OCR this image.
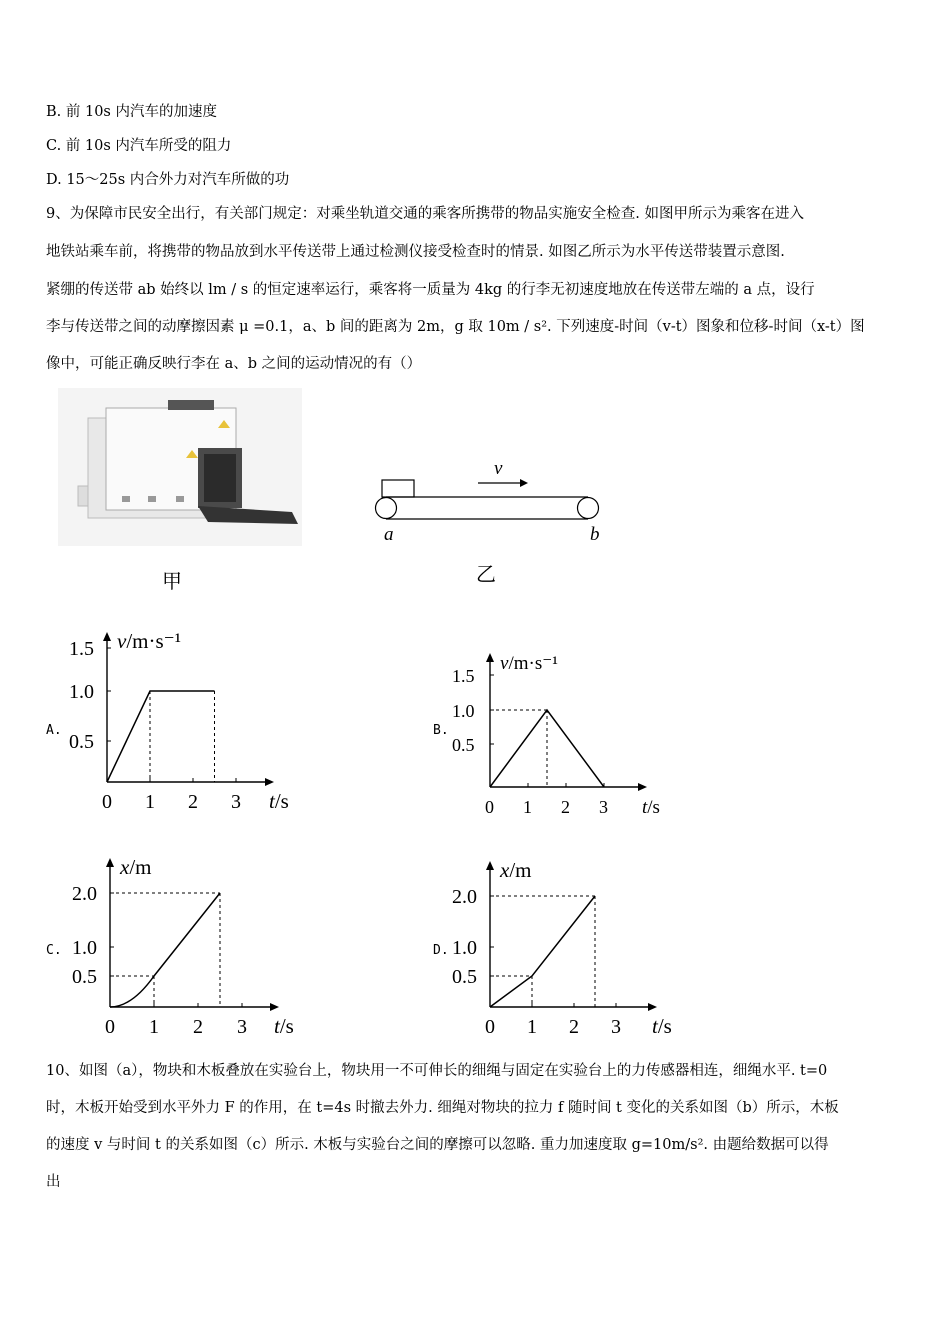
B. 前 10s 内汽车的加速度
C. 前 10s 内汽车所受的阻力
D. 15～25s 内合外力对汽车所做的功
9、为保障市民安全出行，有关部门规定：对乘坐轨道交通的乘客所携带的物品实施安全检查. 如图甲所示为乘客在进入
地铁站乘车前，将携带的物品放到水平传送带上通过检测仪接受检查时的情景. 如图乙所示为水平传送带装置示意图.
紧绷的传送带 ab 始终以 lm / s 的恒定速率运行，乘客将一质量为 4kg 的行李无初速度地放在传送带左端的 a 点，设行
李与传送带之间的动摩擦因素 μ =0.1，a、b 间的距离为 2m，g 取 10m / s². 下列速度-时间（v-t）图象和位移-时间（x-t）图
像中，可能正确反映行李在 a、b 之间的运动情况的有（）
甲
v
a	b
乙
A.	B.
C.	D.
v/m·s⁻¹
t/s
0 1 2 3
0.5
1.0
1.5
v/m·s⁻¹
t/s
0 1 2 3
0.5
1.0
1.5
x/m
t/s
0 1 2 3
0.5
1.0
2.0
x/m
t/s
0 1 2 3
0.5
1.0
2.0
10、如图（a），物块和木板叠放在实验台上，物块用一不可伸长的细绳与固定在实验台上的力传感器相连，细绳水平. t=0
时，木板开始受到水平外力 F 的作用，在 t=4s 时撤去外力. 细绳对物块的拉力 f 随时间 t 变化的关系如图（b）所示，木板
的速度 v 与时间 t 的关系如图（c）所示. 木板与实验台之间的摩擦可以忽略. 重力加速度取 g=10m/s². 由题给数据可以得
出
